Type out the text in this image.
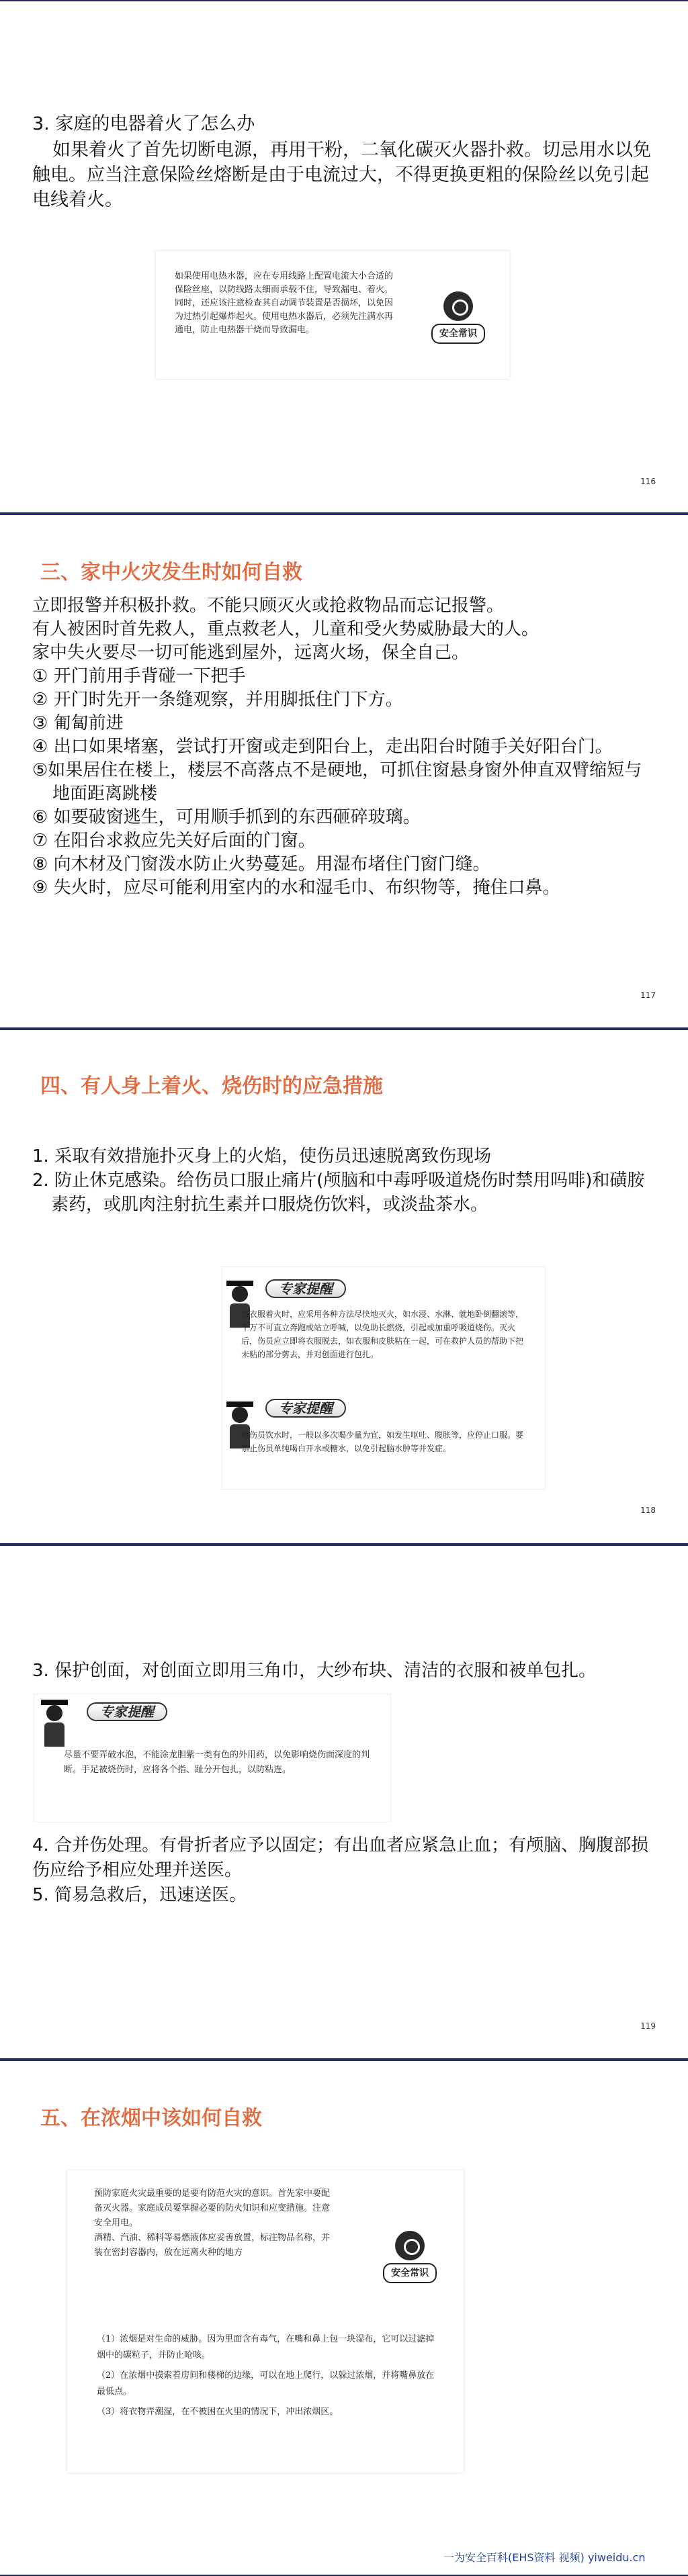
3. 家庭的电器着火了怎么办
如果着火了首先切断电源，再用干粉，二氧化碳灭火器扑救。切忌用水以免触电。应当注意保险丝熔断是由于电流过大，不得更换更粗的保险丝以免引起电线着火。
如果使用电热水器，应在专用线路上配置电流大小合适的保险丝座，以防线路太细而承载不住，导致漏电、着火。同时，还应该注意检查其自动调节装置是否损坏，以免因为过热引起爆炸起火。使用电热水器后，必须先注满水再通电，防止电热器干烧而导致漏电。	安全常识
116
三、家中火灾发生时如何自救

立即报警并积极扑救。不能只顾灭火或抢救物品而忘记报警。

有人被困时首先救人，重点救老人，儿童和受火势威胁最大的人。

家中失火要尽一切可能逃到屋外，远离火场，保全自己。

① 开门前用手背碰一下把手

② 开门时先开一条缝观察，并用脚抵住门下方。

③ 匍匐前进

④ 出口如果堵塞，尝试打开窗或走到阳台上，走出阳台时随手关好阳台门。

⑤如果居住在楼上，楼层不高落点不是硬地，可抓住窗悬身窗外伸直双臂缩短与地面距离跳楼

⑥ 如要破窗逃生，可用顺手抓到的东西砸碎玻璃。

⑦ 在阳台求救应先关好后面的门窗。

⑧ 向木材及门窗泼水防止火势蔓延。用湿布堵住门窗门缝。

⑨ 失火时，应尽可能利用室内的水和湿毛巾、布织物等，掩住口鼻。

117
四、有人身上着火、烧伤时的应急措施

1. 采取有效措施扑灭身上的火焰，使伤员迅速脱离致伤现场

2. 防止休克感染。给伤员口服止痛片(颅脑和中毒呼吸道烧伤时禁用吗啡)和磺胺素药，或肌肉注射抗生素并口服烧伤饮料，或淡盐茶水。

专家提醒
当衣服着火时，应采用各种方法尽快地灭火，如水浸、水淋、就地卧倒翻滚等，千万不可直立奔跑或站立呼喊，以免助长燃烧，引起或加重呼吸道烧伤。灭火后，伤员应立即将衣服脱去，如衣服和皮肤粘在一起，可在救护人员的帮助下把未粘的部分剪去，并对创面进行包扎。
专家提醒
给伤员饮水时，一般以多次喝少量为宜，如发生呕吐、腹胀等，应停止口服。要禁止伤员单纯喝白开水或糖水，以免引起脑水肿等并发症。
118
3. 保护创面，对创面立即用三角巾，大纱布块、清洁的衣服和被单包扎。
专家提醒
尽量不要弄破水泡，不能涂龙胆紫一类有色的外用药，以免影响烧伤面深度的判断。手足被烧伤时，应将各个指、趾分开包扎，以防粘连。

4. 合并伤处理。有骨折者应予以固定；有出血者应紧急止血；有颅脑、胸腹部损伤应给予相应处理并送医。

5. 简易急救后，迅速送医。

119
五、在浓烟中该如何自救
预防家庭火灾最重要的是要有防范火灾的意识。首先家中要配备灭火器。家庭成员要掌握必要的防火知识和应变措施。注意安全用电。
酒精、汽油、稀料等易燃液体应妥善放置，标注物品名称，并装在密封容器内，放在远离火种的地方
安全常识

（1）浓烟是对生命的威胁。因为里面含有毒气，在嘴和鼻上包一块湿布，它可以过滤掉烟中的碳粒子，并防止呛咳。

（2）在浓烟中摸索着房间和楼梯的边缘，可以在地上爬行，以躲过浓烟，并将嘴鼻放在最低点。

（3）将衣物弄潮湿，在不被困在火里的情况下，冲出浓烟区。

一为安全百科(EHS资料 视频) yiweidu.cn
